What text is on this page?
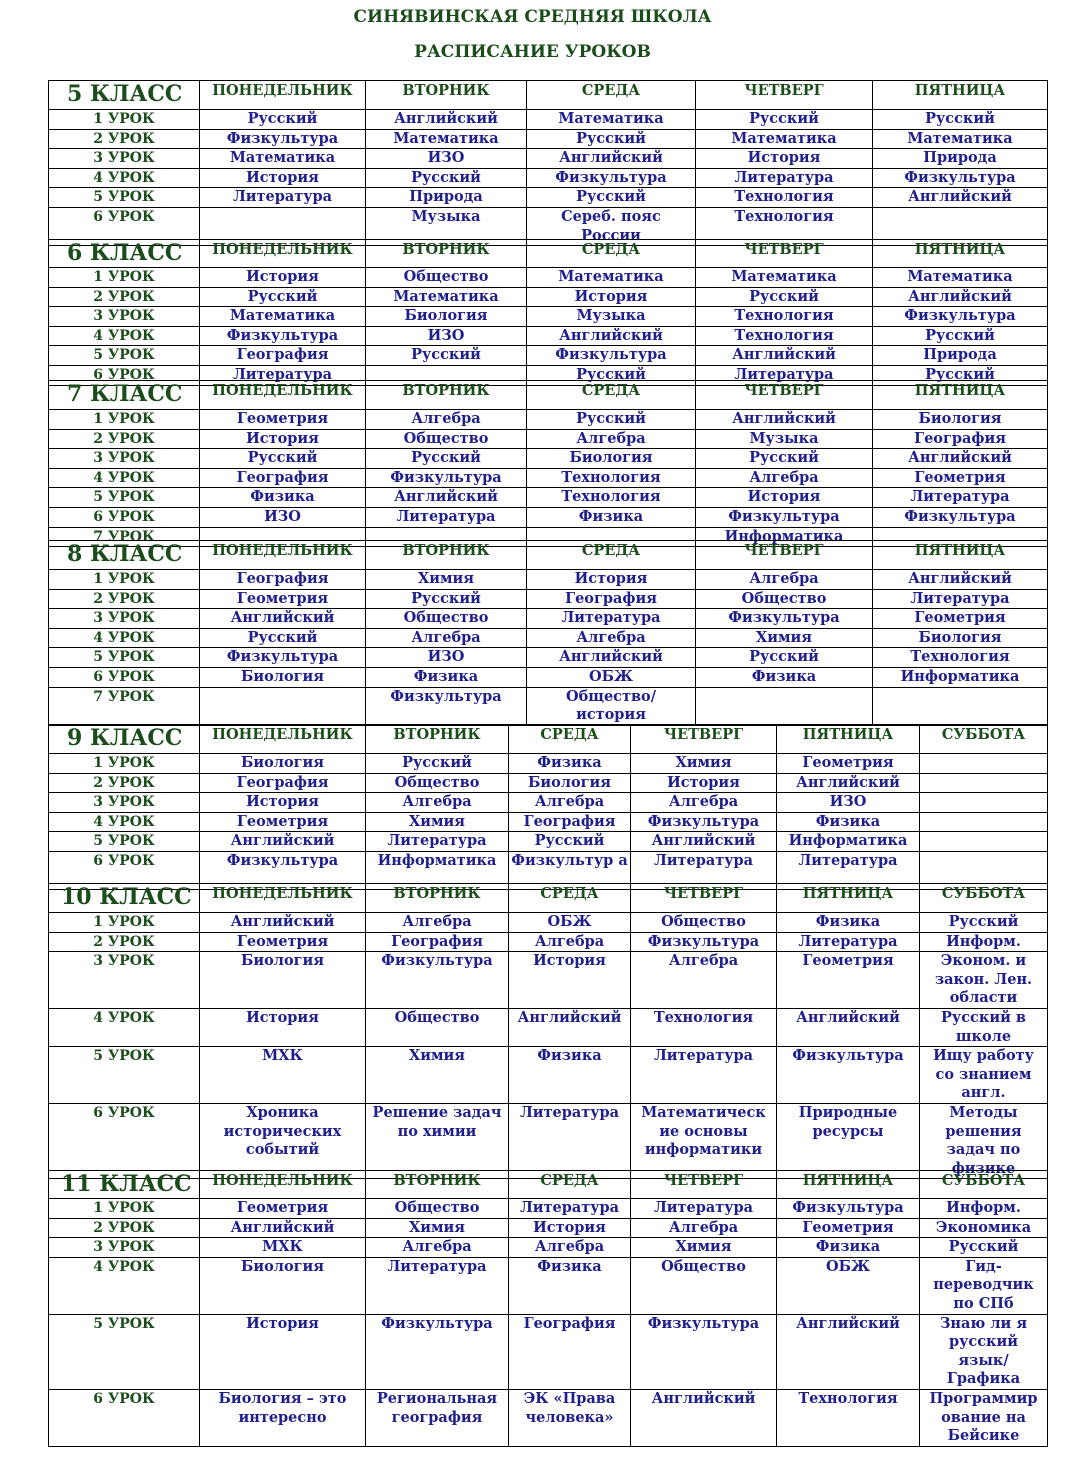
СИНЯВИНСКАЯ СРЕДНЯЯ ШКОЛА
РАСПИСАНИЕ УРОКОВ
5 КЛАСС	ПОНЕДЕЛЬНИК	ВТОРНИК	СРЕДА	ЧЕТВЕРГ	ПЯТНИЦА
1 УРОК	Русский	Английский	Математика	Русский	Русский
2 УРОК	Физкультура	Математика	Русский	Математика	Математика
3 УРОК	Математика	ИЗО	Английский	История	Природа
4 УРОК	История	Русский	Физкультура	Литература	Физкультура
5 УРОК	Литература	Природа	Русский	Технология	Английский
6 УРОК		Музыка	Сереб. пояс России	Технология	
6 КЛАСС	ПОНЕДЕЛЬНИК	ВТОРНИК	СРЕДА	ЧЕТВЕРГ	ПЯТНИЦА
1 УРОК	История	Общество	Математика	Математика	Математика
2 УРОК	Русский	Математика	История	Русский	Английский
3 УРОК	Математика	Биология	Музыка	Технология	Физкультура
4 УРОК	Физкультура	ИЗО	Английский	Технология	Русский
5 УРОК	География	Русский	Физкультура	Английский	Природа
6 УРОК	Литература		Русский	Литература	Русский
7 КЛАСС	ПОНЕДЕЛЬНИК	ВТОРНИК	СРЕДА	ЧЕТВЕРГ	ПЯТНИЦА
1 УРОК	Геометрия	Алгебра	Русский	Английский	Биология
2 УРОК	История	Общество	Алгебра	Музыка	География
3 УРОК	Русский	Русский	Биология	Русский	Английский
4 УРОК	География	Физкультура	Технология	Алгебра	Геометрия
5 УРОК	Физика	Английский	Технология	История	Литература
6 УРОК	ИЗО	Литература	Физика	Физкультура	Физкультура
7 УРОК				Информатика	
8 КЛАСС	ПОНЕДЕЛЬНИК	ВТОРНИК	СРЕДА	ЧЕТВЕРГ	ПЯТНИЦА
1 УРОК	География	Химия	История	Алгебра	Английский
2 УРОК	Геометрия	Русский	География	Общество	Литература
3 УРОК	Английский	Общество	Литература	Физкультура	Геометрия
4 УРОК	Русский	Алгебра	Алгебра	Химия	Биология
5 УРОК	Физкультура	ИЗО	Английский	Русский	Технология
6 УРОК	Биология	Физика	ОБЖ	Физика	Информатика
7 УРОК		Физкультура	Общество/ история		
9 КЛАСС	ПОНЕДЕЛЬНИК	ВТОРНИК	СРЕДА	ЧЕТВЕРГ	ПЯТНИЦА	СУББОТА
1 УРОК	Биология	Русский	Физика	Химия	Геометрия	
2 УРОК	География	Общество	Биология	История	Английский	
3 УРОК	История	Алгебра	Алгебра	Алгебра	ИЗО	
4 УРОК	Геометрия	Химия	География	Физкультура	Физика	
5 УРОК	Английский	Литература	Русский	Английский	Информатика	
6 УРОК	Физкультура	Информатика	Физкультур а	Литература	Литература	
10 КЛАСС	ПОНЕДЕЛЬНИК	ВТОРНИК	СРЕДА	ЧЕТВЕРГ	ПЯТНИЦА	СУББОТА
1 УРОК	Английский	Алгебра	ОБЖ	Общество	Физика	Русский
2 УРОК	Геометрия	География	Алгебра	Физкультура	Литература	Информ.
3 УРОК	Биология	Физкультура	История	Алгебра	Геометрия	Эконом. и закон. Лен. области
4 УРОК	История	Общество	Английский	Технология	Английский	Русский в школе
5 УРОК	МХК	Химия	Физика	Литература	Физкультура	Ищу работу со знанием англ.
6 УРОК	Хроника исторических событий	Решение задач по химии	Литература	Математическ ие основы информатики	Природные ресурсы	Методы решения задач по физике
11 КЛАСС	ПОНЕДЕЛЬНИК	ВТОРНИК	СРЕДА	ЧЕТВЕРГ	ПЯТНИЦА	СУББОТА
1 УРОК	Геометрия	Общество	Литература	Литература	Физкультура	Информ.
2 УРОК	Английский	Химия	История	Алгебра	Геометрия	Экономика
3 УРОК	МХК	Алгебра	Алгебра	Химия	Физика	Русский
4 УРОК	Биология	Литература	Физика	Общество	ОБЖ	Гид-переводчик по СПб
5 УРОК	История	Физкультура	География	Физкультура	Английский	Знаю ли я русский язык/ Графика
6 УРОК	Биология – это интересно	Региональная география	ЭК «Права человека»	Английский	Технология	Программир ование на Бейсике
